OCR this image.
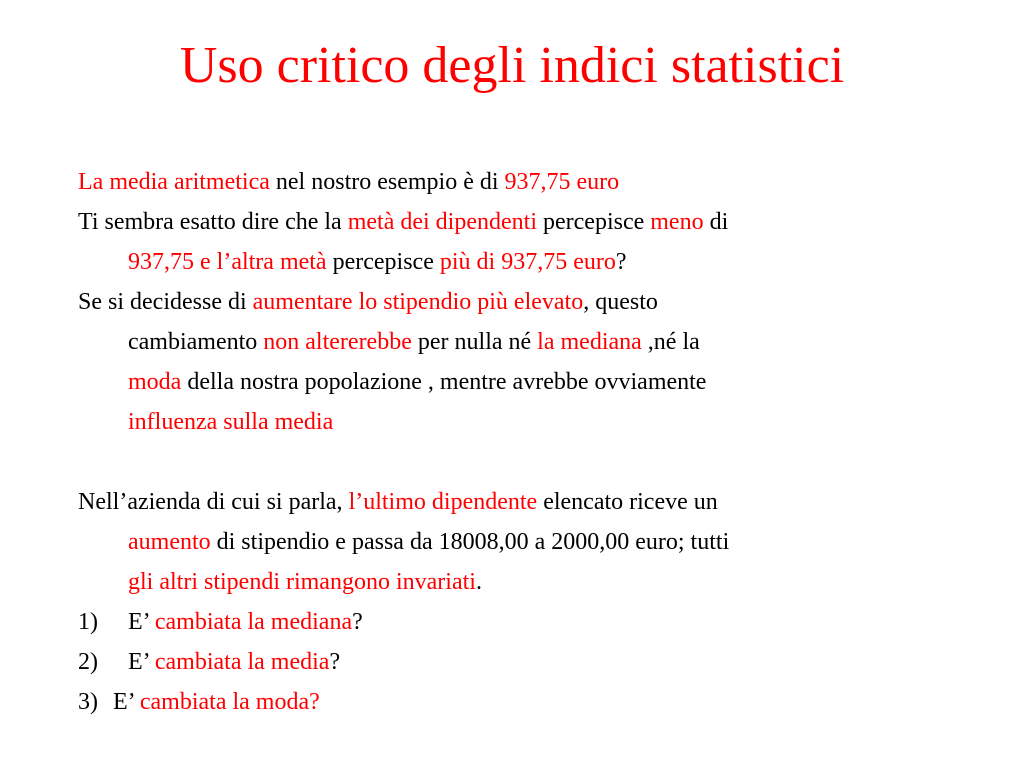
Uso critico degli indici statistici

La media aritmetica nel nostro esempio è di 937,75 euro

Ti sembra esatto dire che la metà dei dipendenti percepisce meno di
937,75 e l’altra metà percepisce più di 937,75 euro?
Se si decidesse di aumentare lo stipendio più elevato, questo
cambiamento non altererebbe per nulla né la mediana ,né la
moda della nostra popolazione , mentre avrebbe ovviamente
influenza sulla media
Nell’azienda di cui si parla, l’ultimo dipendente elencato riceve un
aumento di stipendio e passa da 18008,00 a 2000,00 euro; tutti
gli altri stipendi rimangono invariati.
1) E’ cambiata la mediana?
2) E’ cambiata la media?
3) E’ cambiata la moda?
